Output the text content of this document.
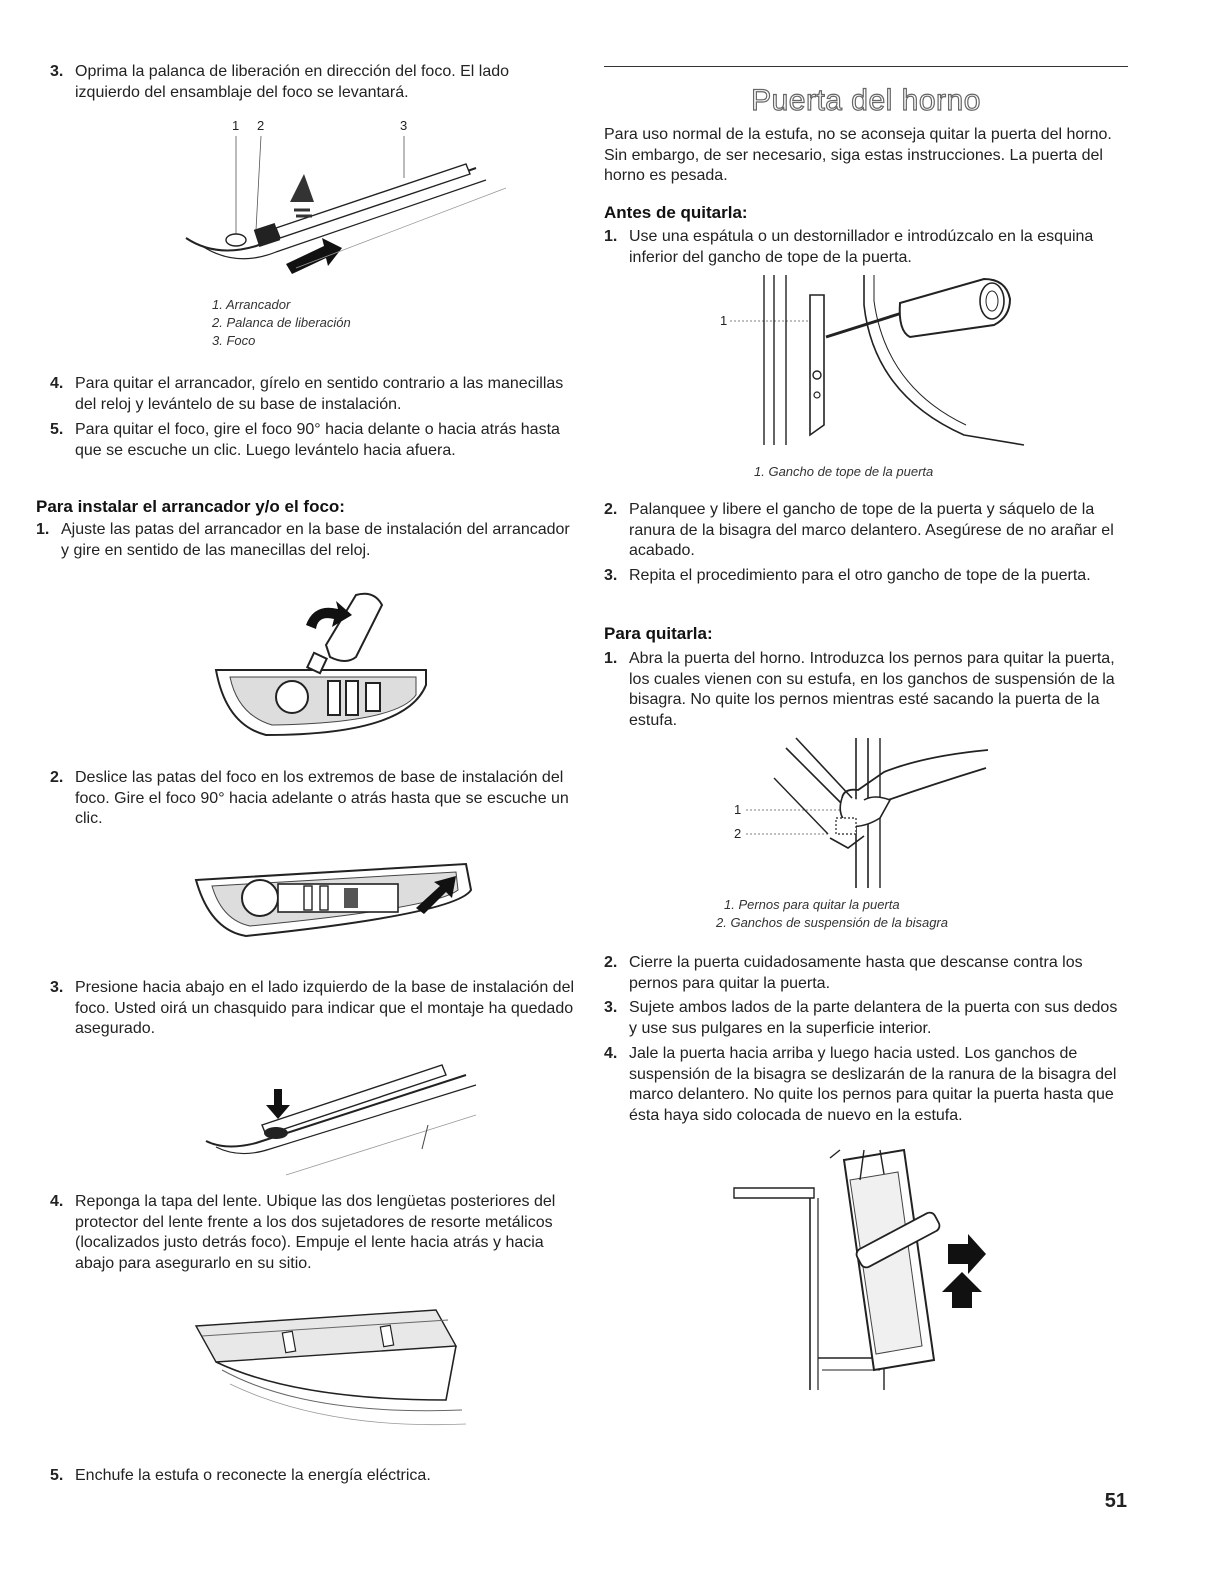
3. Oprima la palanca de liberación en dirección del foco. El lado izquierdo del ensamblaje del foco se levantará.
1 2	3
1. Arrancador
2. Palanca de liberación
3. Foco
4. Para quitar el arrancador, gírelo en sentido contrario a las manecillas del reloj y levántelo de su base de instalación.
5. Para quitar el foco, gire el foco 90° hacia delante o hacia atrás hasta que se escuche un clic. Luego levántelo hacia afuera.
Para instalar el arrancador y/o el foco:
1. Ajuste las patas del arrancador en la base de instalación del arrancador y gire en sentido de las manecillas del reloj.
2. Deslice las patas del foco en los extremos de base de instalación del foco. Gire el foco 90° hacia adelante o atrás hasta que se escuche un clic.
3. Presione hacia abajo en el lado izquierdo de la base de instalación del foco. Usted oirá un chasquido para indicar que el montaje ha quedado asegurado.
4. Reponga la tapa del lente. Ubique las dos lengüetas posteriores del protector del lente frente a los dos sujetadores de resorte metálicos (localizados justo detrás foco). Empuje el lente hacia atrás y hacia abajo para asegurarlo en su sitio.
5. Enchufe la estufa o reconecte la energía eléctrica.
Puerta del horno
Para uso normal de la estufa, no se aconseja quitar la puerta del horno. Sin embargo, de ser necesario, siga estas instrucciones. La puerta del horno es pesada.
Antes de quitarla:
1. Use una espátula o un destornillador e introdúzcalo en la esquina inferior del gancho de tope de la puerta.
1
1. Gancho de tope de la puerta
2. Palanquee y libere el gancho de tope de la puerta y sáquelo de la ranura de la bisagra del marco delantero. Asegúrese de no arañar el acabado.
3. Repita el procedimiento para el otro gancho de tope de la puerta.
Para quitarla:
1. Abra la puerta del horno. Introduzca los pernos para quitar la puerta, los cuales vienen con su estufa, en los ganchos de suspensión de la bisagra. No quite los pernos mientras esté sacando la puerta de la estufa.
1
2
1. Pernos para quitar la puerta
2. Ganchos de suspensión de la bisagra
2. Cierre la puerta cuidadosamente hasta que descanse contra los pernos para quitar la puerta.
3. Sujete ambos lados de la parte delantera de la puerta con sus dedos y use sus pulgares en la superficie interior.
4. Jale la puerta hacia arriba y luego hacia usted. Los ganchos de suspensión de la bisagra se deslizarán de la ranura de la bisagra del marco delantero. No quite los pernos para quitar la puerta hasta que ésta haya sido colocada de nuevo en la estufa.
51
